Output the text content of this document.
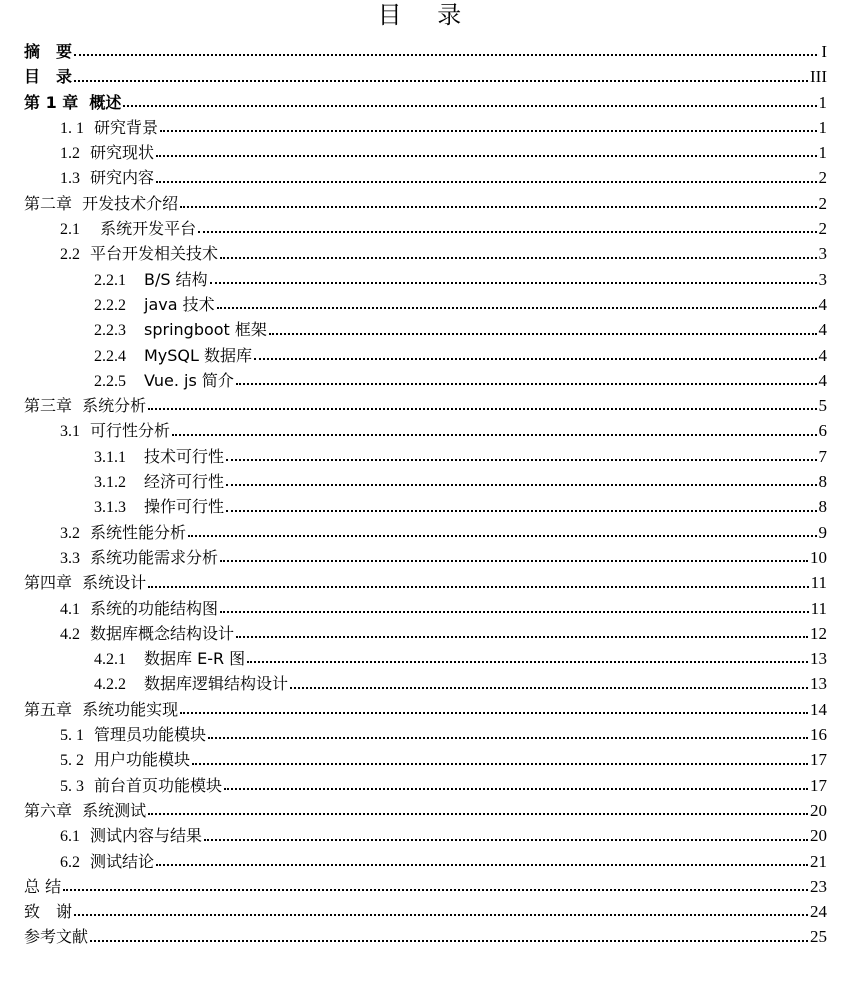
目 录
摘　要	I
目　录	III
第 1 章  概述	1
1. 1 研究背景	1
1.2 研究现状	1
1.3 研究内容	2
第二章  开发技术介绍	2
2.1  系统开发平台	2
2.2 平台开发相关技术	3
2.2.1 B/S 结构	3
2.2.2 java 技术	4
2.2.3 springboot 框架	4
2.2.4 MySQL 数据库	4
2.2.5 Vue. js 简介	4
第三章  系统分析	5
3.1 可行性分析	6
3.1.1 技术可行性	7
3.1.2 经济可行性	8
3.1.3 操作可行性	8
3.2 系统性能分析	9
3.3 系统功能需求分析	10
第四章  系统设计	11
4.1 系统的功能结构图	11
4.2 数据库概念结构设计	12
4.2.1 数据库 E-R 图	13
4.2.2 数据库逻辑结构设计	13
第五章  系统功能实现	14
5. 1 管理员功能模块	16
5. 2 用户功能模块	17
5. 3 前台首页功能模块	17
第六章  系统测试	20
6.1 测试内容与结果	20
6.2 测试结论	21
总 结	23
致　谢	24
参考文献	25
